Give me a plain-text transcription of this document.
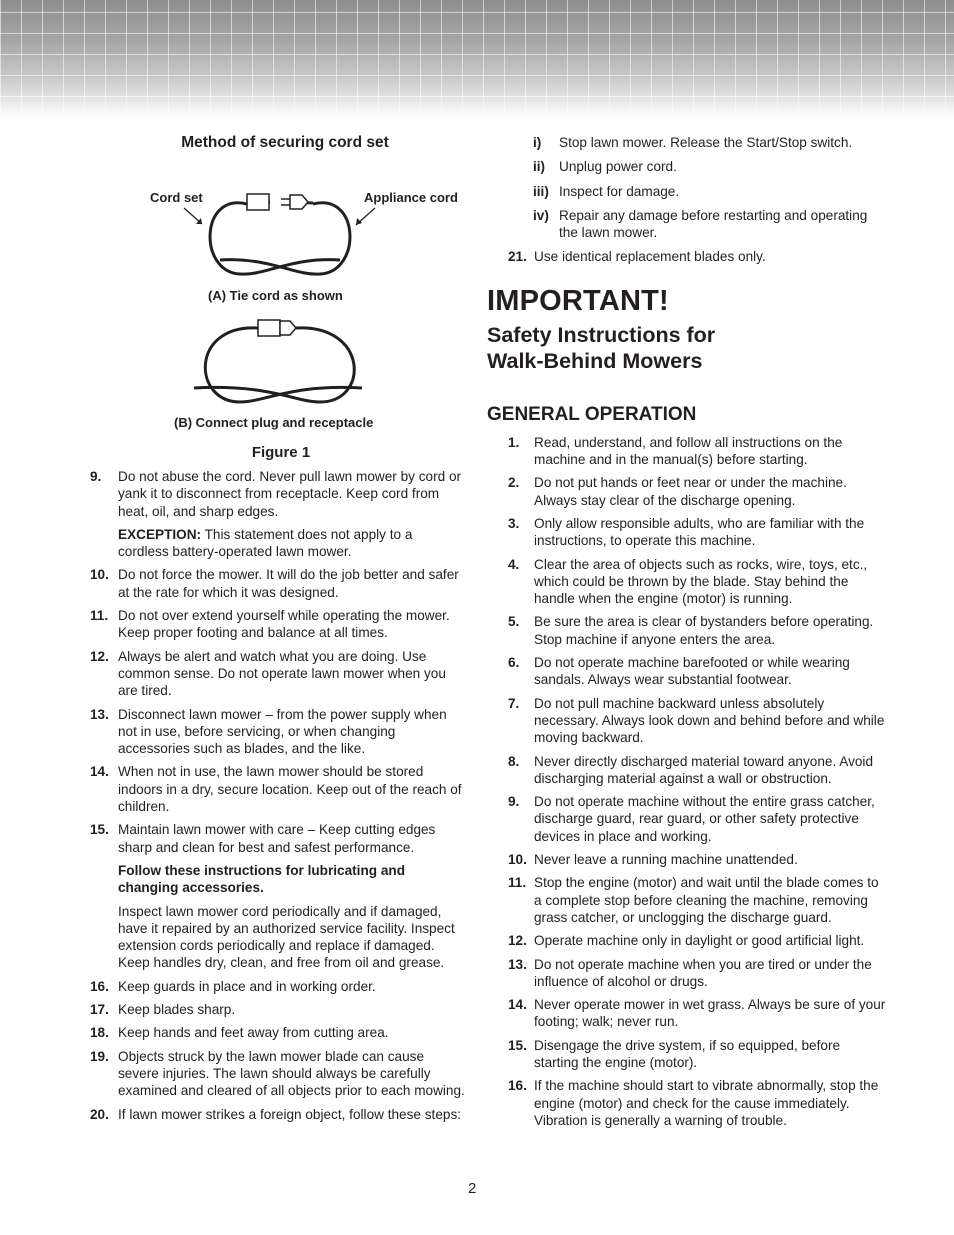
Method of securing cord set
Cord set	Appliance cord
(A) Tie cord as shown
(B) Connect plug and receptacle
Figure 1
9.	Do not abuse the cord. Never pull lawn mower by cord or yank it to disconnect from receptacle. Keep cord from heat, oil, and sharp edges.

EXCEPTION: This statement does not apply to a cordless battery-operated lawn mower.

10. Do not force the mower. It will do the job better and safer at the rate for which it was designed.

11. Do not over extend yourself while operating the mower. Keep proper footing and balance at all times.

12. Always be alert and watch what you are doing. Use common sense. Do not operate lawn mower when you are tired.

13. Disconnect lawn mower – from the power supply when not in use, before servicing, or when changing accessories such as blades, and the like.

14. When not in use, the lawn mower should be stored indoors in a dry, secure location. Keep out of the reach of children.

15. Maintain lawn mower with care – Keep cutting edges sharp and clean for best and safest performance.

Follow these instructions for lubricating and changing accessories.

Inspect lawn mower cord periodically and if damaged, have it repaired by an authorized service facility. Inspect extension cords periodically and replace if damaged. Keep handles dry, clean, and free from oil and grease.

16. Keep guards in place and in working order.

17. Keep blades sharp.

18. Keep hands and feet away from cutting area.

19. Objects struck by the lawn mower blade can cause severe injuries. The lawn should always be carefully examined and cleared of all objects prior to each mowing.

20. If lawn mower strikes a foreign object, follow these steps:

i) Stop lawn mower. Release the Start/Stop switch.
ii) Unplug power cord.
iii) Inspect for damage.
iv) Repair any damage before restarting and operating the lawn mower.
21. Use identical replacement blades only.

IMPORTANT!
Safety Instructions for
Walk-Behind Mowers
GENERAL OPERATION
1.	Read, understand, and follow all instructions on the machine and in the manual(s) before starting.

2.	Do not put hands or feet near or under the machine. Always stay clear of the discharge opening.

3.	Only allow responsible adults, who are familiar with the instructions, to operate this machine.

4.	Clear the area of objects such as rocks, wire, toys, etc., which could be thrown by the blade. Stay behind the handle when the engine (motor) is running.

5.	Be sure the area is clear of bystanders before operating. Stop machine if anyone enters the area.

6.	Do not operate machine barefooted or while wearing sandals. Always wear substantial footwear.

7.	Do not pull machine backward unless absolutely necessary. Always look down and behind before and while moving backward.

8.	Never directly discharged material toward anyone. Avoid discharging material against a wall or obstruction.

9.	Do not operate machine without the entire grass catcher, discharge guard, rear guard, or other safety protective devices in place and working.

10. Never leave a running machine unattended.

11. Stop the engine (motor) and wait until the blade comes to a complete stop before cleaning the machine, removing grass catcher, or unclogging the discharge guard.

12. Operate machine only in daylight or good artificial light.

13. Do not operate machine when you are tired or under the influence of alcohol or drugs.

14. Never operate mower in wet grass. Always be sure of your footing; walk; never run.

15. Disengage the drive system, if so equipped, before starting the engine (motor).

16. If the machine should start to vibrate abnormally, stop the engine (motor) and check for the cause immediately. Vibration is generally a warning of trouble.

2
